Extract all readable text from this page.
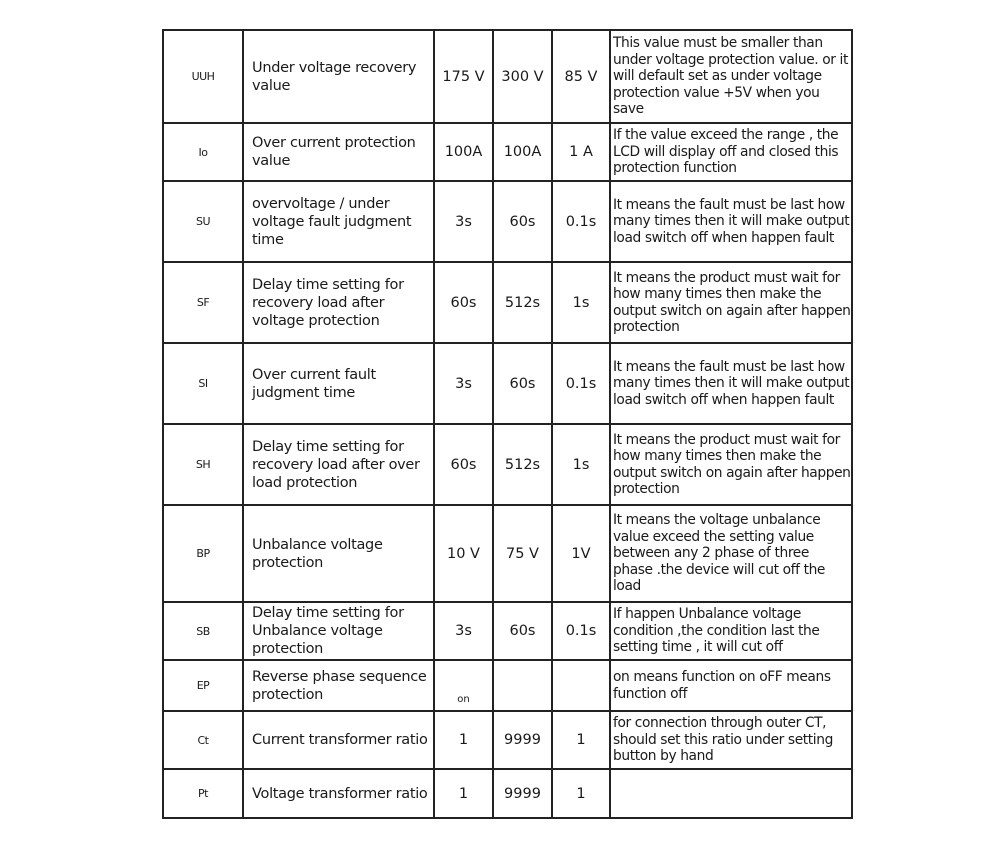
UUH	Under voltage recovery value	175 V	300 V	85 V	This value must be smaller than under voltage protection value. or it will default set as under voltage protection value +5V when you save
Io	Over current protection value	100A	100A	1 A	If the value exceed the range , the LCD will display off and closed this protection function
SU	overvoltage / under voltage fault judgment time	3s	60s	0.1s	It means the fault must be last how many times then it will make output load switch off when happen fault
SF	Delay time setting for recovery load after voltage protection	60s	512s	1s	It means the product must wait for how many times then make the output switch on again after happen protection
SI	Over current fault judgment time	3s	60s	0.1s	It means the fault must be last how many times then it will make output load switch off when happen fault
SH	Delay time setting for recovery load after over load protection	60s	512s	1s	It means the product must wait for how many times then make the output switch on again after happen protection
BP	Unbalance voltage protection	10 V	75 V	1V	It means the voltage unbalance value exceed the setting value between any 2 phase of three phase .the device will cut off the load
SB	Delay time setting for Unbalance voltage protection	3s	60s	0.1s	If happen Unbalance voltage condition ,the condition last the setting time , it will cut off
EP	Reverse phase sequence protection	on			on means function on oFF means function off
Ct	Current transformer ratio	1	9999	1	for connection through outer CT, should set this ratio under setting button by hand
Pt	Voltage transformer ratio	1	9999	1	
